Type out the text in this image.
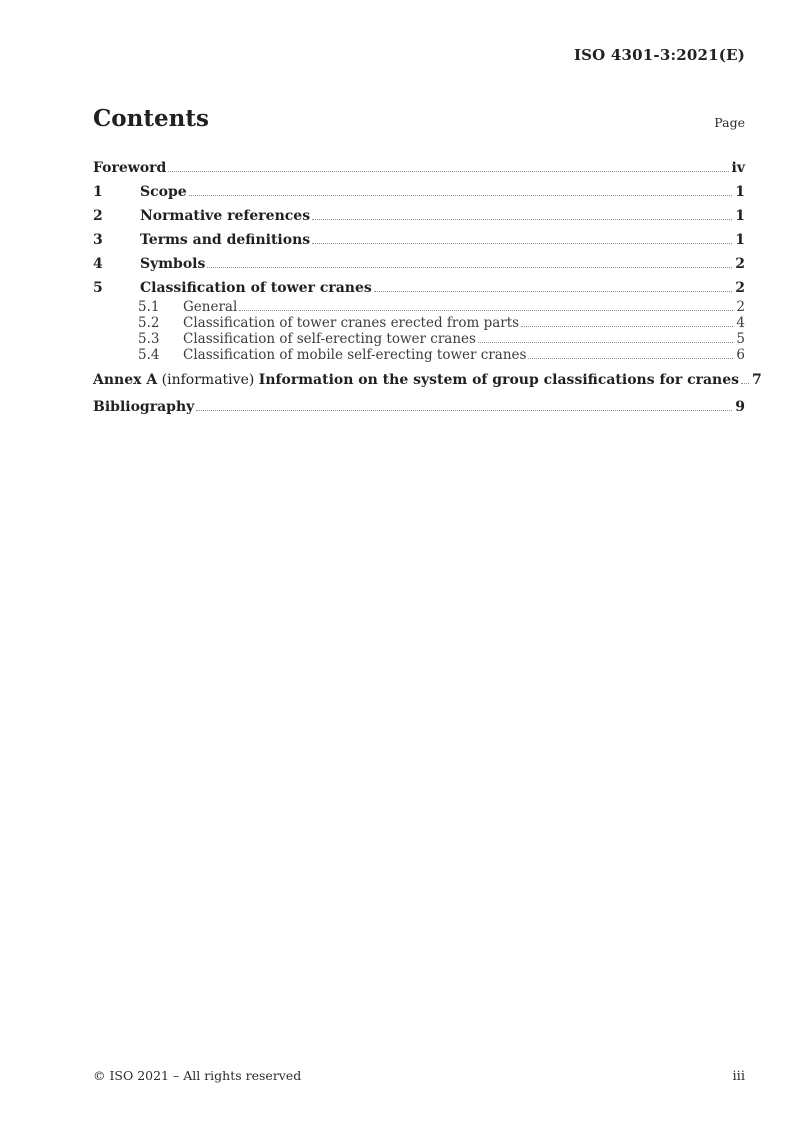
ISO 4301-3:2021(E)
Contents	Page
Foreword	iv
1	Scope	1
2	Normative references	1
3	Terms and definitions	1
4	Symbols	2
5	Classification of tower cranes	2
5.1	General	2
5.2	Classification of tower cranes erected from parts	4
5.3	Classification of self-erecting tower cranes	5
5.4	Classification of mobile self-erecting tower cranes	6
Annex A (informative) Information on the system of group classifications for cranes 7
Bibliography	9
© ISO 2021 – All rights reserved	iii
